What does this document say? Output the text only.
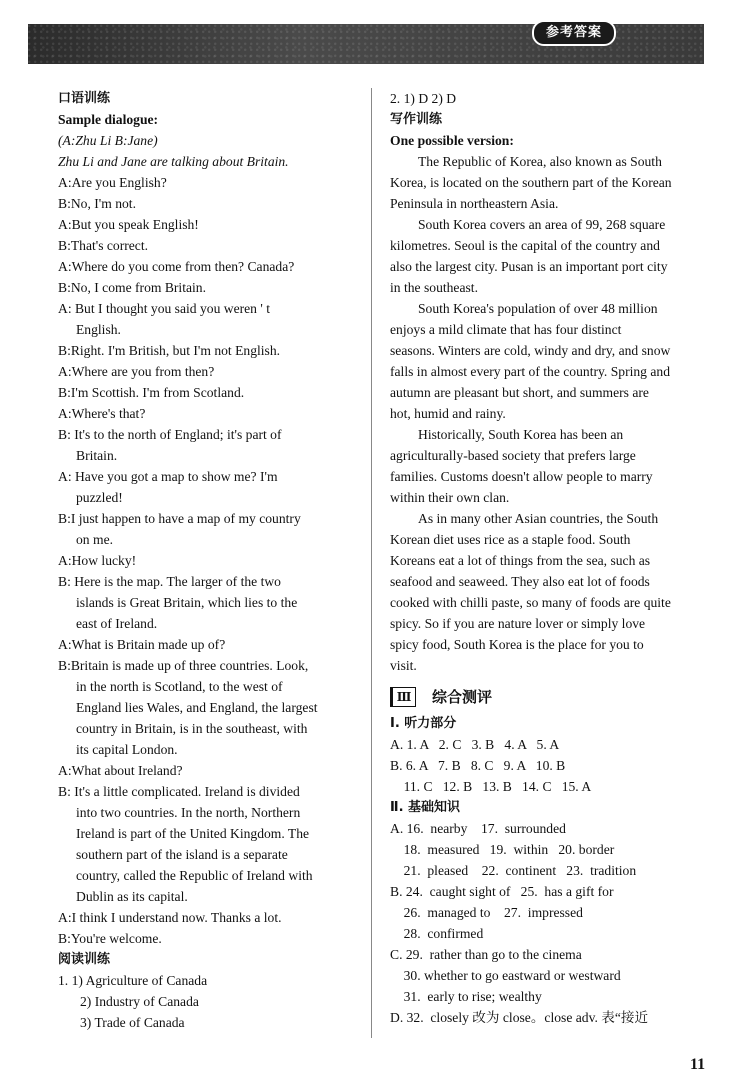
参考答案
口语训练
Sample dialogue:
(A:Zhu Li B:Jane)
Zhu Li and Jane are talking about Britain.
A:Are you English?
B:No, I'm not.
A:But you speak English!
B:That's correct.
A:Where do you come from then? Canada?
B:No, I come from Britain.
A: But I thought you said you weren ' t
English.
B:Right. I'm British, but I'm not English.
A:Where are you from then?
B:I'm Scottish. I'm from Scotland.
A:Where's that?
B: It's to the north of England; it's part of
Britain.
A: Have you got a map to show me? I'm
puzzled!
B:I just happen to have a map of my country
on me.
A:How lucky!
B: Here is the map. The larger of the two
islands is Great Britain, which lies to the
east of Ireland.
A:What is Britain made up of?
B:Britain is made up of three countries. Look,
in the north is Scotland, to the west of
England lies Wales, and England, the largest
country in Britain, is in the southeast, with
its capital London.
A:What about Ireland?
B: It's a little complicated. Ireland is divided
into two countries. In the north, Northern
Ireland is part of the United Kingdom. The
southern part of the island is a separate
country, called the Republic of Ireland with
Dublin as its capital.
A:I think I understand now. Thanks a lot.
B:You're welcome.
阅读训练
1. 1) Agriculture of Canada
2) Industry of Canada
3) Trade of Canada
2. 1) D 2) D
写作训练
One possible version:
The Republic of Korea, also known as South
Korea, is located on the southern part of the Korean
Peninsula in northeastern Asia.
South Korea covers an area of 99, 268 square
kilometres. Seoul is the capital of the country and
also the largest city. Pusan is an important port city
in the southeast.
South Korea's population of over 48 million
enjoys a mild climate that has four distinct
seasons. Winters are cold, windy and dry, and snow
falls in almost every part of the country. Spring and
autumn are pleasant but short, and summers are
hot, humid and rainy.
Historically, South Korea has been an
agriculturally-based society that prefers large
families. Customs doesn't allow people to marry
within their own clan.
As in many other Asian countries, the South
Korean diet uses rice as a staple food. South
Koreans eat a lot of things from the sea, such as
seafood and seaweed. They also eat lot of foods
cooked with chilli paste, so many of foods are quite
spicy. So if you are nature lover or simply love
spicy food, South Korea is the place for you to
visit.
Ⅲ	综合测评
Ⅰ. 听力部分
A. 1. A   2. C   3. B   4. A   5. A
B. 6. A   7. B   8. C   9. A   10. B
11. C   12. B   13. B   14. C   15. A
Ⅱ. 基础知识
A. 16.  nearby    17.  surrounded
18.  measured   19.  within   20. border
21.  pleased    22.  continent   23.  tradition
B. 24.  caught sight of   25.  has a gift for
26.  managed to    27.  impressed
28.  confirmed
C. 29.  rather than go to the cinema
30. whether to go eastward or westward
31.  early to rise; wealthy
D. 32.  closely 改为 close。close adv. 表“接近
11
